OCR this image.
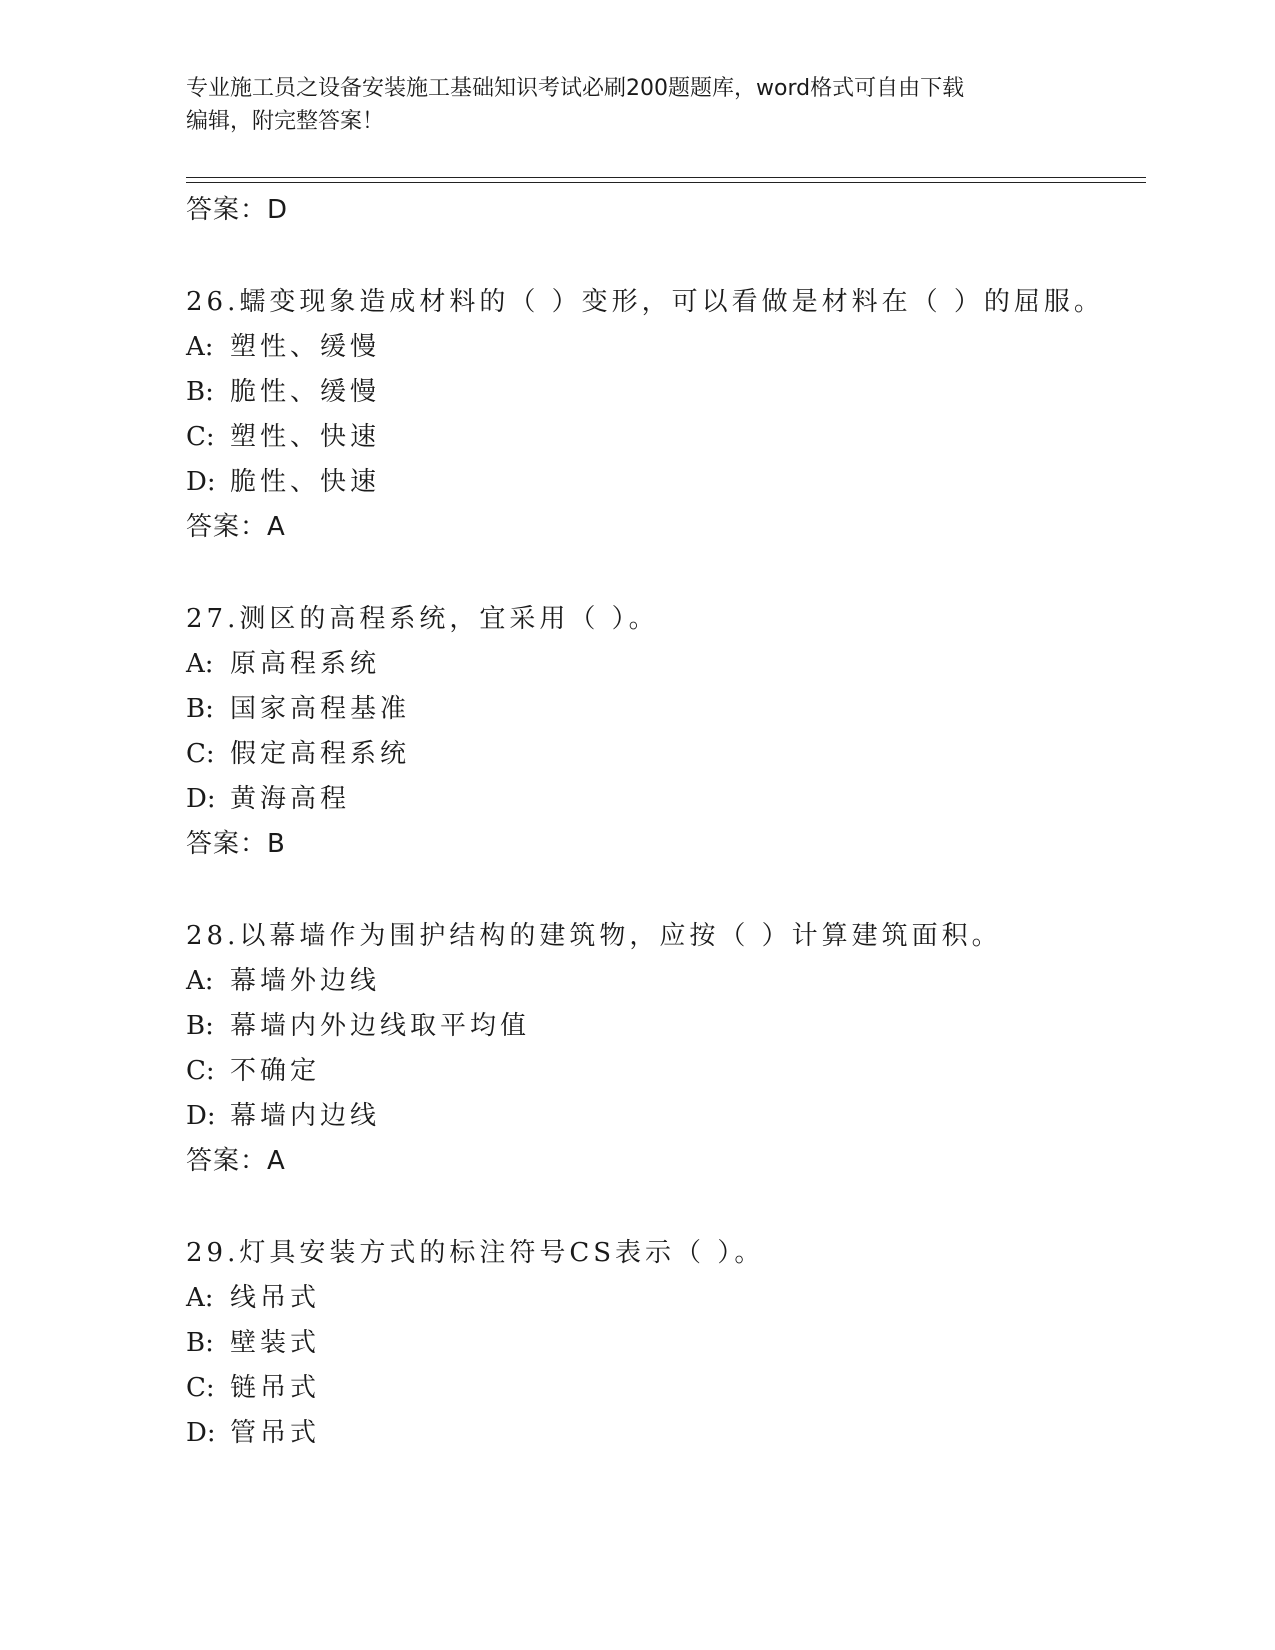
专业施工员之设备安装施工基础知识考试必刷200题题库，word格式可自由下载
编辑，附完整答案！
答案：D
26.蠕变现象造成材料的（ ）变形，可以看做是材料在（ ）的屈服。
A: 塑性、缓慢
B: 脆性、缓慢
C: 塑性、快速
D: 脆性、快速
答案：A
27.测区的高程系统，宜采用（ ）。
A: 原高程系统
B: 国家高程基准
C: 假定高程系统
D: 黄海高程
答案：B
28.以幕墙作为围护结构的建筑物，应按（ ）计算建筑面积。
A: 幕墙外边线
B: 幕墙内外边线取平均值
C: 不确定
D: 幕墙内边线
答案：A
29.灯具安装方式的标注符号CS表示（ ）。
A: 线吊式
B: 壁装式
C: 链吊式
D: 管吊式
